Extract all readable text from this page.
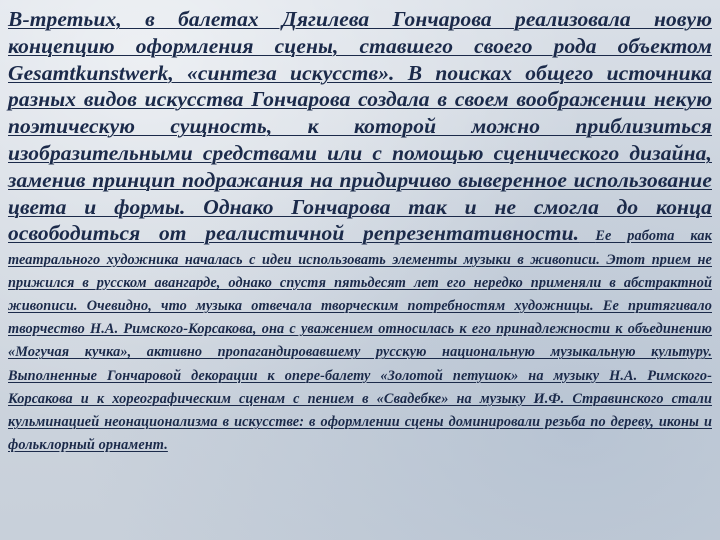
В-третьих, в балетах Дягилева Гончарова реализовала новую концепцию оформления сцены, ставшего своего рода объектом Gesamtkunstwerk, «синтеза искусств». В поисках общего источника разных видов искусства Гончарова создала в своем воображении некую поэтическую сущность, к которой можно приблизиться изобразительными средствами или с помощью сценического дизайна, заменив принцип подражания на придирчиво выверенное использование цвета и формы. Однако Гончарова так и не смогла до конца освободиться от реалистичной репрезентативности. Ее работа как театрального художника началась с идеи использовать элементы музыки в живописи. Этот прием не прижился в русском авангарде, однако спустя пятьдесят лет его нередко применяли в абстрактной живописи. Очевидно, что музыка отвечала творческим потребностям художницы. Ее притягивало творчество Н.А. Римского-Корсакова, она с уважением относилась к его принадлежности к объединению «Могучая кучка», активно пропагандировавшему русскую национальную музыкальную культуру. Выполненные Гончаровой декорации к опере-балету «Золотой петушок» на музыку Н.А. Римского-Корсакова и к хореографическим сценам с пением в «Свадебке» на музыку И.Ф. Стравинского стали кульминацией неонационализма в искусстве: в оформлении сцены доминировали резьба по дереву, иконы и фольклорный орнамент.
